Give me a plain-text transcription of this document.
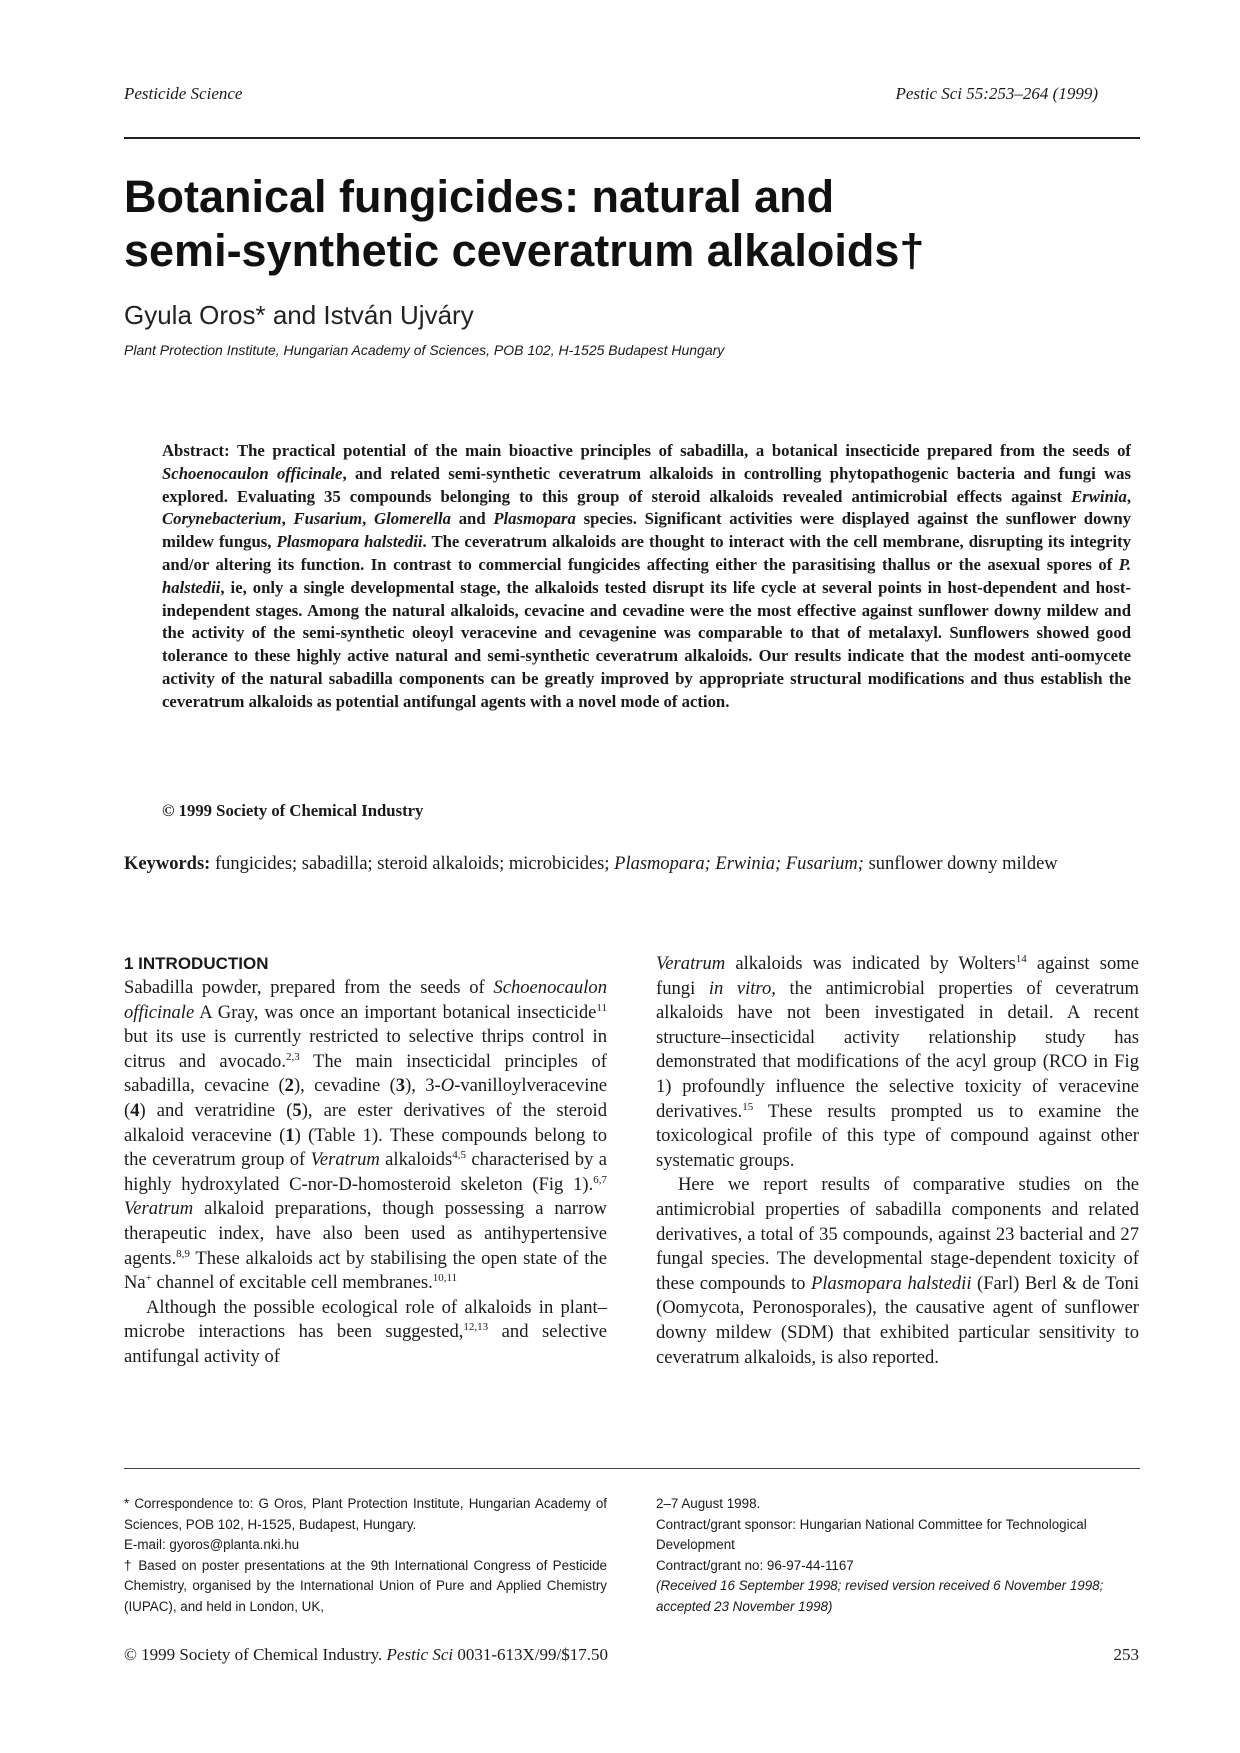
Pesticide Science	Pestic Sci 55:253–264 (1999)
Botanical fungicides: natural and
semi-synthetic ceveratrum alkaloids†
Gyula Oros* and István Ujváry
Plant Protection Institute, Hungarian Academy of Sciences, POB 102, H-1525 Budapest Hungary

Abstract: The practical potential of the main bioactive principles of sabadilla, a botanical insecticide prepared from the seeds of Schoenocaulon officinale, and related semi-synthetic ceveratrum alkaloids in controlling phytopathogenic bacteria and fungi was explored. Evaluating 35 compounds belonging to this group of steroid alkaloids revealed antimicrobial effects against Erwinia, Corynebacterium, Fusarium, Glomerella and Plasmopara species. Significant activities were displayed against the sunflower downy mildew fungus, Plasmopara halstedii. The ceveratrum alkaloids are thought to interact with the cell membrane, disrupting its integrity and/or altering its function. In contrast to commercial fungicides affecting either the parasitising thallus or the asexual spores of P. halstedii, ie, only a single developmental stage, the alkaloids tested disrupt its life cycle at several points in host-dependent and host-independent stages. Among the natural alkaloids, cevacine and cevadine were the most effective against sunflower downy mildew and the activity of the semi-synthetic oleoyl veracevine and cevagenine was comparable to that of metalaxyl. Sunflowers showed good tolerance to these highly active natural and semi-synthetic ceveratrum alkaloids. Our results indicate that the modest anti-oomycete activity of the natural sabadilla components can be greatly improved by appropriate structural modifications and thus establish the ceveratrum alkaloids as potential antifungal agents with a novel mode of action.

© 1999 Society of Chemical Industry

Keywords: fungicides; sabadilla; steroid alkaloids; microbicides; Plasmopara; Erwinia; Fusarium; sunflower downy mildew

1 INTRODUCTION

Sabadilla powder, prepared from the seeds of Schoenocaulon officinale A Gray, was once an important botanical insecticide$^{11}$ but its use is currently restricted to selective thrips control in citrus and avocado.$^{2,3}$ The main insecticidal principles of sabadilla, cevacine (2), cevadine (3), 3-O-vanilloylveracevine (4) and veratridine (5), are ester derivatives of the steroid alkaloid veracevine (1) (Table 1). These compounds belong to the ceveratrum group of Veratrum alkaloids$^{4,5}$ characterised by a highly hydroxylated C-nor-D-homosteroid skeleton (Fig 1).$^{6,7}$ Veratrum alkaloid preparations, though possessing a narrow therapeutic index, have also been used as antihypertensive agents.$^{8,9}$ These alkaloids act by stabilising the open state of the Na+ channel of excitable cell membranes.$^{10,11}$

Although the possible ecological role of alkaloids in plant–microbe interactions has been suggested,$^{12,13}$ and selective antifungal activity of

Veratrum alkaloids was indicated by Wolters$^{14}$ against some fungi in vitro, the antimicrobial properties of ceveratrum alkaloids have not been investigated in detail. A recent structure–insecticidal activity relationship study has demonstrated that modifications of the acyl group (RCO in Fig 1) profoundly influence the selective toxicity of veracevine derivatives.$^{15}$ These results prompted us to examine the toxicological profile of this type of compound against other systematic groups.

Here we report results of comparative studies on the antimicrobial properties of sabadilla components and related derivatives, a total of 35 compounds, against 23 bacterial and 27 fungal species. The developmental stage-dependent toxicity of these compounds to Plasmopara halstedii (Farl) Berl & de Toni (Oomycota, Peronosporales), the causative agent of sunflower downy mildew (SDM) that exhibited particular sensitivity to ceveratrum alkaloids, is also reported.

* Correspondence to: G Oros, Plant Protection Institute, Hungarian Academy of Sciences, POB 102, H-1525, Budapest, Hungary.

E-mail: gyoros@planta.nki.hu

† Based on poster presentations at the 9th International Congress of Pesticide Chemistry, organised by the International Union of Pure and Applied Chemistry (IUPAC), and held in London, UK,

2–7 August 1998.

Contract/grant sponsor: Hungarian National Committee for Technological Development

Contract/grant no: 96-97-44-1167

(Received 16 September 1998; revised version received 6 November 1998; accepted 23 November 1998)

© 1999 Society of Chemical Industry. Pestic Sci 0031-613X/99/$17.50	253
